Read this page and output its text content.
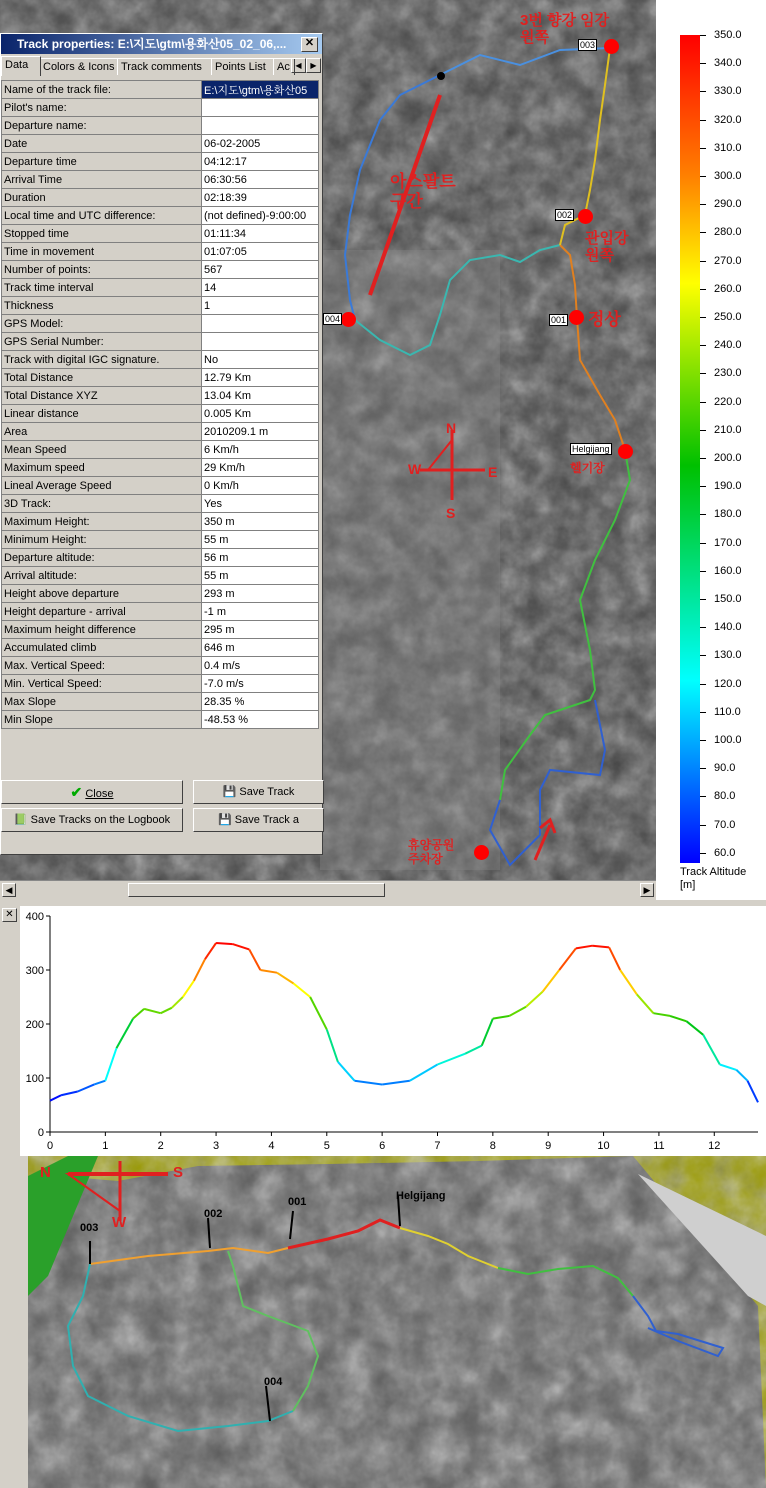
003
002
001
004
Helgijang
3번 향강 임강
원쪽
아스팔트
구간
관입강
원쪽
정상
헬기장
휴양공원
주차장
N
W	E
S
◀	▶
350.0
340.0
330.0
320.0
310.0
300.0
290.0
280.0
270.0
260.0
250.0
240.0
230.0
220.0
210.0
200.0
190.0
180.0
170.0
160.0
150.0
140.0
130.0
120.0
110.0
100.0
90.0
80.0
70.0
60.0
Track Altitude
[m]
Track properties: E:\지도\gtm\용화산05_02_06,...	✕
Data	Colors & Icons Track comments	Points List	Ac ◀	▶
Name of the track file:	E:\지도\gtm\용화산05
Pilot's name:	
Departure name:	
Date	06-02-2005
Departure time	04:12:17
Arrival Time	06:30:56
Duration	02:18:39
Local time and UTC difference:	(not defined)-9:00:00
Stopped time	01:11:34
Time in movement	01:07:05
Number of points:	567
Track time interval	14
Thickness	1
GPS Model:	
GPS Serial Number:	
Track with digital IGC signature.	No
Total Distance	12.79 Km
Total Distance XYZ	13.04 Km
Linear distance	0.005 Km
Area	2010209.1 m
Mean Speed	6 Km/h
Maximum speed	29 Km/h
Lineal Average Speed	0 Km/h
3D Track:	Yes
Maximum Height:	350 m
Minimum Height:	55 m
Departure altitude:	56 m
Arrival altitude:	55 m
Height above departure	293 m
Height departure - arrival	-1 m
Maximum height difference	295 m
Accumulated climb	646 m
Max. Vertical Speed:	0.4 m/s
Min. Vertical Speed:	-7.0 m/s
Max Slope	28.35 %
Min Slope	-48.53 %
✔ Close	💾 Save Track
📗 Save Tracks on the Logbook	💾 Save Track a
✕
0
100
200
300
400
0	1	2	3	4	5	6	7	8	9	10	11	12
N	S
W
003
002
001	Helgijang
004
